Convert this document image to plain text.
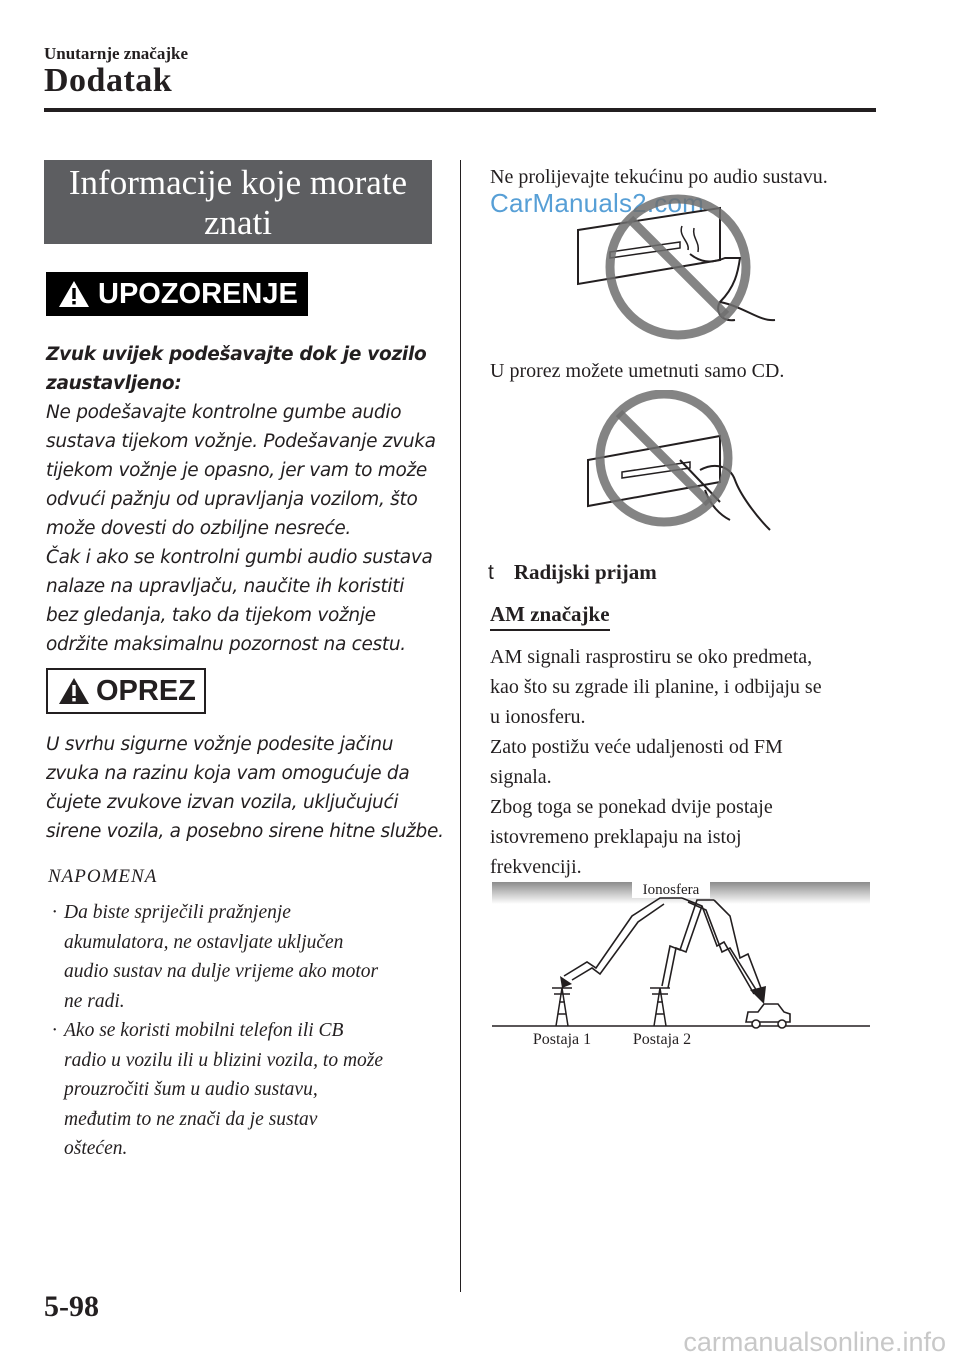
Unutarnje značajke
Dodatak
Informacije koje morate
znati
UPOZORENJE
Zvuk uvijek podešavajte dok je vozilo
zaustavljeno:
Ne podešavajte kontrolne gumbe audio
sustava tijekom vožnje. Podešavanje zvuka
tijekom vožnje je opasno, jer vam to može
odvući pažnju od upravljanja vozilom, što
može dovesti do ozbiljne nesreće.
Čak i ako se kontrolni gumbi audio sustava
nalaze na upravljaču, naučite ih koristiti
bez gledanja, tako da tijekom vožnje
održite maksimalnu pozornost na cestu.
OPREZ
U svrhu sigurne vožnje podesite jačinu
zvuka na razinu koja vam omogućuje da
čujete zvukove izvan vozila, uključujući
sirene vozila, a posebno sirene hitne službe.
NAPOMENA
· Da biste spriječili pražnjenje
akumulatora, ne ostavljate uključen
audio sustav na dulje vrijeme ako motor
ne radi.
· Ako se koristi mobilni telefon ili CB
radio u vozilu ili u blizini vozila, to može
prouzročiti šum u audio sustavu,
međutim to ne znači da je sustav
oštećen.
Ne prolijevajte tekućinu po audio sustavu.
CarManuals2.com
U prorez možete umetnuti samo CD.
t Radijski prijam
AM značajke
AM signali rasprostiru se oko predmeta,
kao što su zgrade ili planine, i odbijaju se
u ionosferu.
Zato postižu veće udaljenosti od FM
signala.
Zbog toga se ponekad dvije postaje
istovremeno preklapaju na istoj
frekvenciji.
Ionosfera
Postaja 1	Postaja 2
5-98
carmanualsonline.info
